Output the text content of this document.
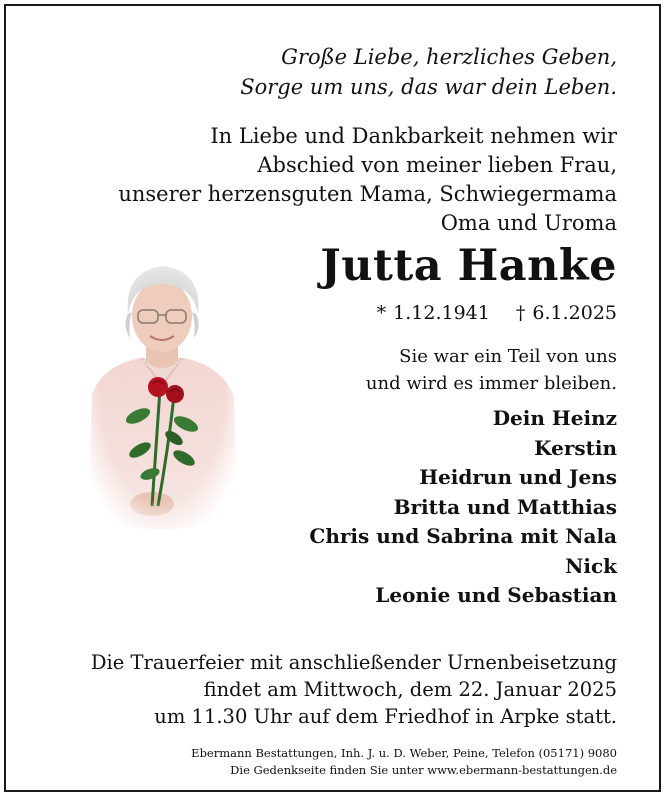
Große Liebe, herzliches Geben,
Sorge um uns, das war dein Leben.
In Liebe und Dankbarkeit nehmen wir
Abschied von meiner lieben Frau,
unserer herzensguten Mama, Schwiegermama
Oma und Uroma
Jutta Hanke
* 1.12.1941 † 6.1.2025
Sie war ein Teil von uns
und wird es immer bleiben.
Dein Heinz
Kerstin
Heidrun und Jens
Britta und Matthias
Chris und Sabrina mit Nala
Nick
Leonie und Sebastian
Die Trauerfeier mit anschließender Urnenbeisetzung
findet am Mittwoch, dem 22. Januar 2025
um 11.30 Uhr auf dem Friedhof in Arpke statt.
Ebermann Bestattungen, Inh. J. u. D. Weber, Peine, Telefon (05171) 9080
Die Gedenkseite finden Sie unter www.ebermann-bestattungen.de
